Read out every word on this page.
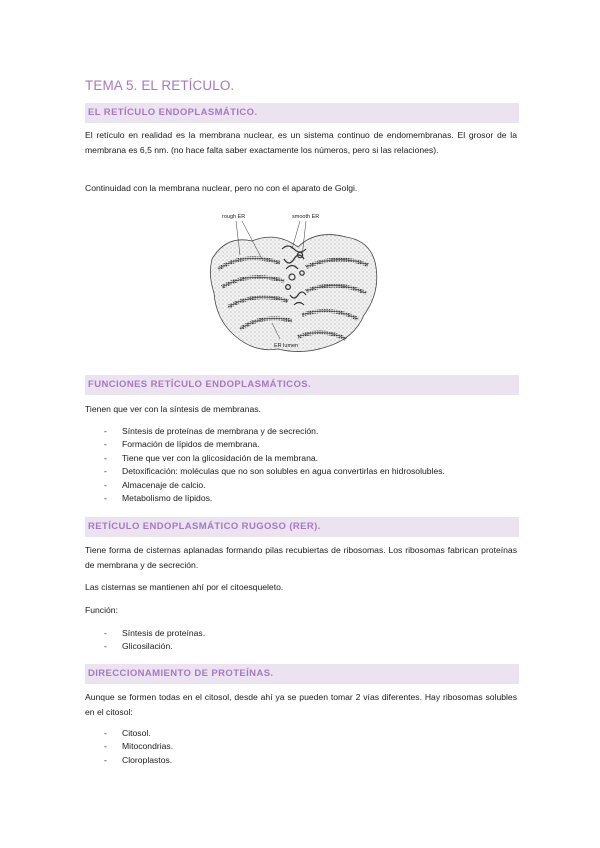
TEMA 5. EL RETÍCULO.
EL RETÍCULO ENDOPLASMÁTICO.
El retículo en realidad es la membrana nuclear, es un sistema continuo de endomembranas. El grosor de la membrana es 6,5 nm. (no hace falta saber exactamente los números, pero si las relaciones).
Continuidad con la membrana nuclear, pero no con el aparato de Golgi.
FUNCIONES RETÍCULO ENDOPLASMÁTICOS.
Tienen que ver con la síntesis de membranas.
- Síntesis de proteínas de membrana y de secreción.
- Formación de lípidos de membrana.
- Tiene que ver con la glicosidación de la membrana.
- Detoxificación: moléculas que no son solubles en agua convertirlas en hidrosolubles.
- Almacenaje de calcio.
- Metabolismo de lípidos.
RETÍCULO ENDOPLASMÁTICO RUGOSO (RER).
Tiene forma de cisternas aplanadas formando pilas recubiertas de ribosomas. Los ribosomas fabrican proteínas de membrana y de secreción.
Las cisternas se mantienen ahí por el citoesqueleto.
Función:
- Síntesis de proteínas.
- Glicosilación.
DIRECCIONAMIENTO DE PROTEÍNAS.
Aunque se formen todas en el citosol, desde ahí ya se pueden tomar 2 vías diferentes. Hay ribosomas solubles en el citosol:
- Citosol.
- Mitocondrias.
- Cloroplastos.
rough ER	smooth ER
ER lumen
